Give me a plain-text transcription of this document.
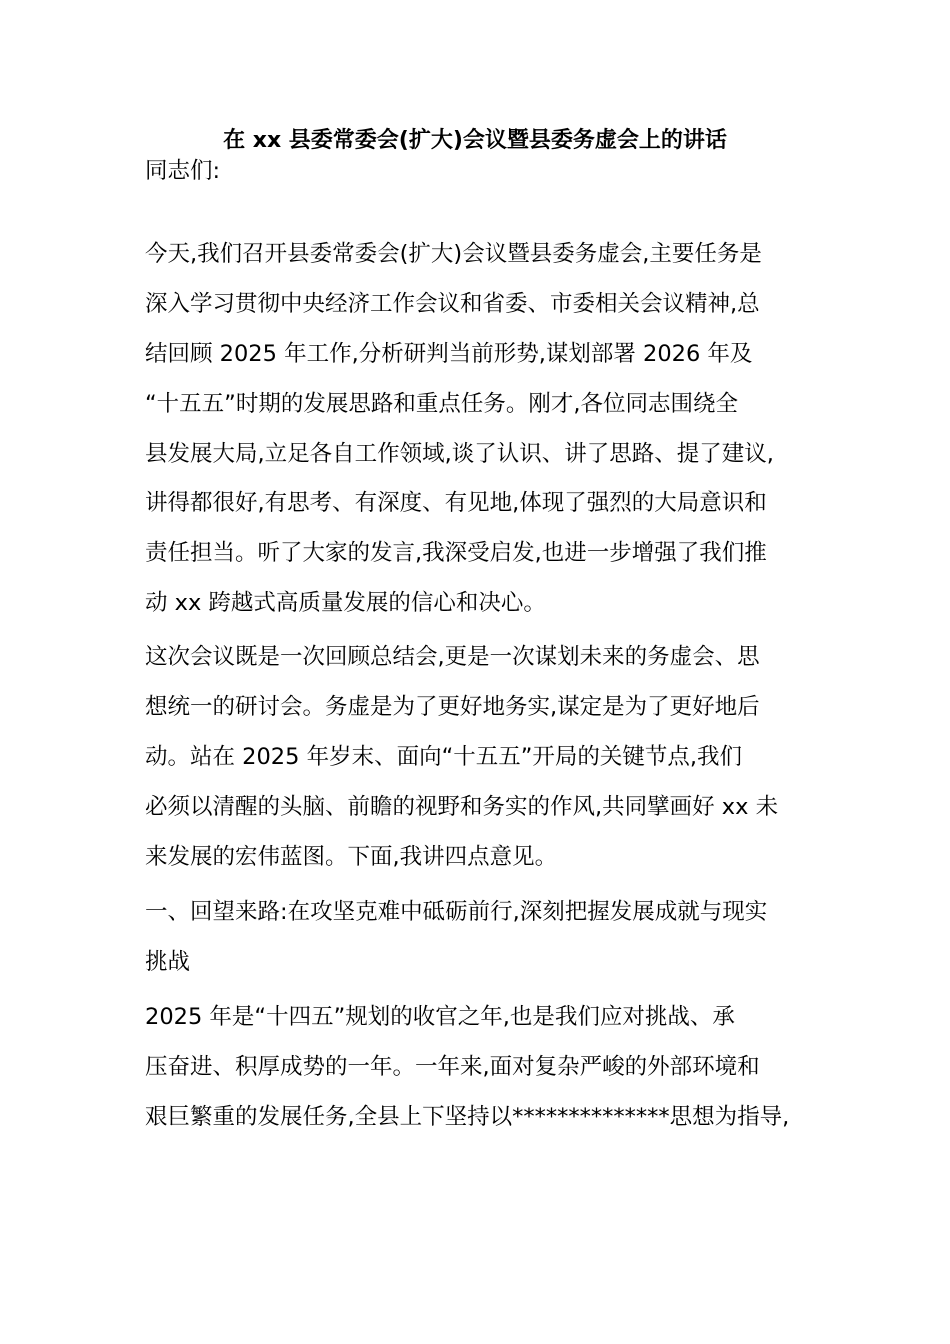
在 xx 县委常委会(扩大)会议暨县委务虚会上的讲话

同志们:

今天,我们召开县委常委会(扩大)会议暨县委务虚会,主要任务是

深入学习贯彻中央经济工作会议和省委、市委相关会议精神,总

结回顾 2025 年工作,分析研判当前形势,谋划部署 2026 年及

“十五五”时期的发展思路和重点任务。刚才,各位同志围绕全

县发展大局,立足各自工作领域,谈了认识、讲了思路、提了建议,

讲得都很好,有思考、有深度、有见地,体现了强烈的大局意识和

责任担当。听了大家的发言,我深受启发,也进一步增强了我们推

动 xx 跨越式高质量发展的信心和决心。

这次会议既是一次回顾总结会,更是一次谋划未来的务虚会、思

想统一的研讨会。务虚是为了更好地务实,谋定是为了更好地后

动。站在 2025 年岁末、面向“十五五”开局的关键节点,我们

必须以清醒的头脑、前瞻的视野和务实的作风,共同擘画好 xx 未

来发展的宏伟蓝图。下面,我讲四点意见。

一、回望来路:在攻坚克难中砥砺前行,深刻把握发展成就与现实

挑战

2025 年是“十四五”规划的收官之年,也是我们应对挑战、承

压奋进、积厚成势的一年。一年来,面对复杂严峻的外部环境和

艰巨繁重的发展任务,全县上下坚持以**************思想为指导,
